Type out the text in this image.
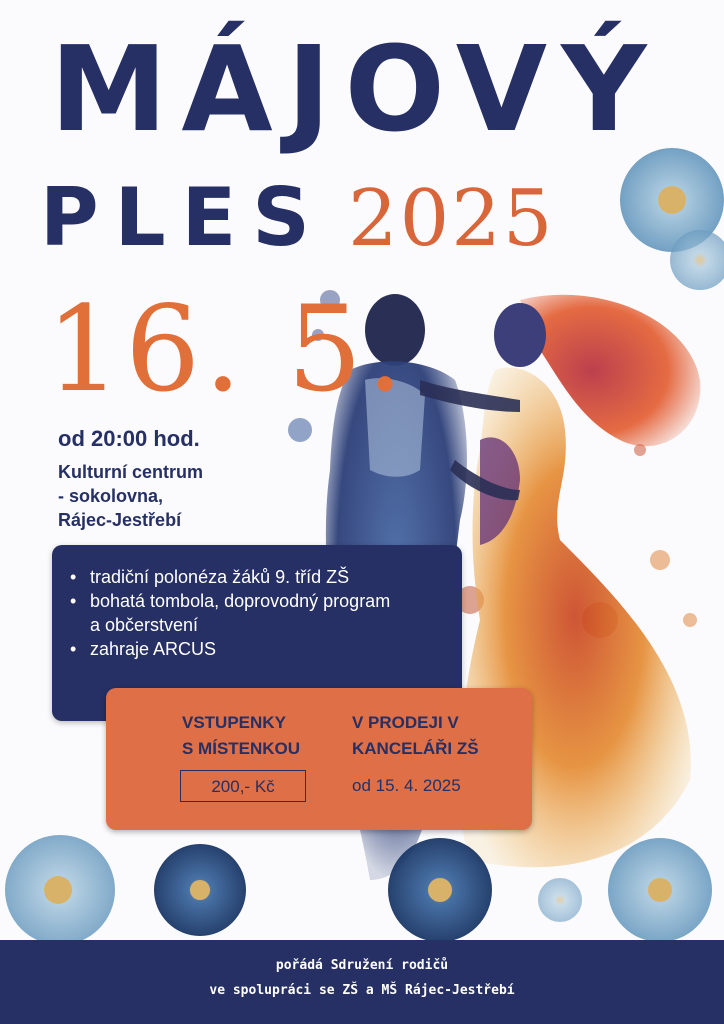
MÁJOVÝ
PLES 2025
16. 5.
od 20:00 hod.
Kulturní centrum
- sokolovna,
Rájec-Jestřebí
• tradiční polonéza žáků 9. tříd ZŠ
• bohatá tombola, doprovodný program
a občerstvení
• zahraje ARCUS
VSTUPENKY
S MÍSTENKOU
200,- Kč
V PRODEJI V
KANCELÁŘI ZŠ
od 15. 4. 2025
pořádá Sdružení rodičů
ve spolupráci se ZŠ a MŠ Rájec-Jestřebí
